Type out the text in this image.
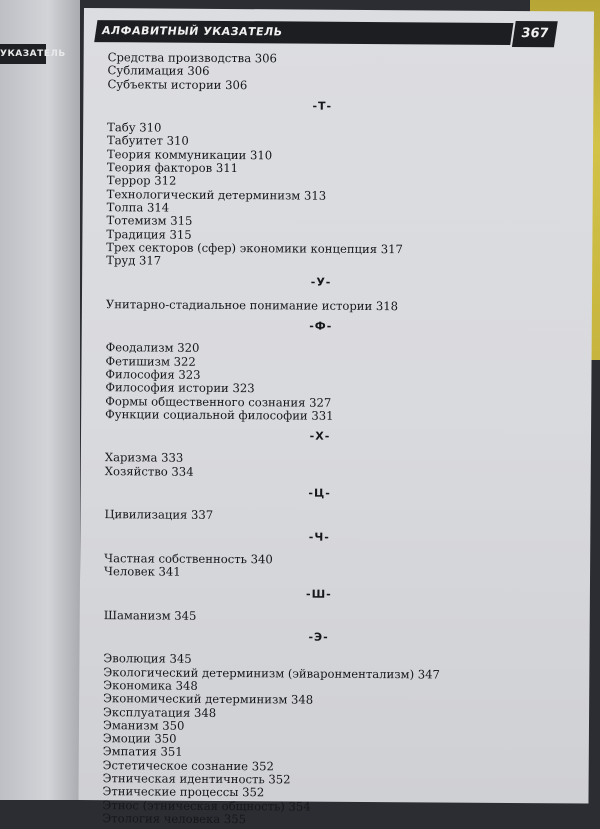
УКАЗАТЕЛЬ
АЛФАВИТНЫЙ УКАЗАТЕЛЬ	367
Средства производства 306
Сублимация 306
Субъекты истории 306
-Т-
Табу 310
Табуитет 310
Теория коммуникации 310
Теория факторов 311
Террор 312
Технологический детерминизм 313
Толпа 314
Тотемизм 315
Традиция 315
Трех секторов (сфер) экономики концепция 317
Труд 317
-У-
Унитарно-стадиальное понимание истории 318
-Ф-
Феодализм 320
Фетишизм 322
Философия 323
Философия истории 323
Формы общественного сознания 327
Функции социальной философии 331
-Х-
Харизма 333
Хозяйство 334
-Ц-
Цивилизация 337
-Ч-
Частная собственность 340
Человек 341
-Ш-
Шаманизм 345
-Э-
Эволюция 345
Экологический детерминизм (эйваронментализм) 347
Экономика 348
Экономический детерминизм 348
Эксплуатация 348
Эманизм 350
Эмоции 350
Эмпатия 351
Эстетическое сознание 352
Этническая идентичность 352
Этнические процессы 352
Этнос (этническая общность) 354
Этология человека 355
